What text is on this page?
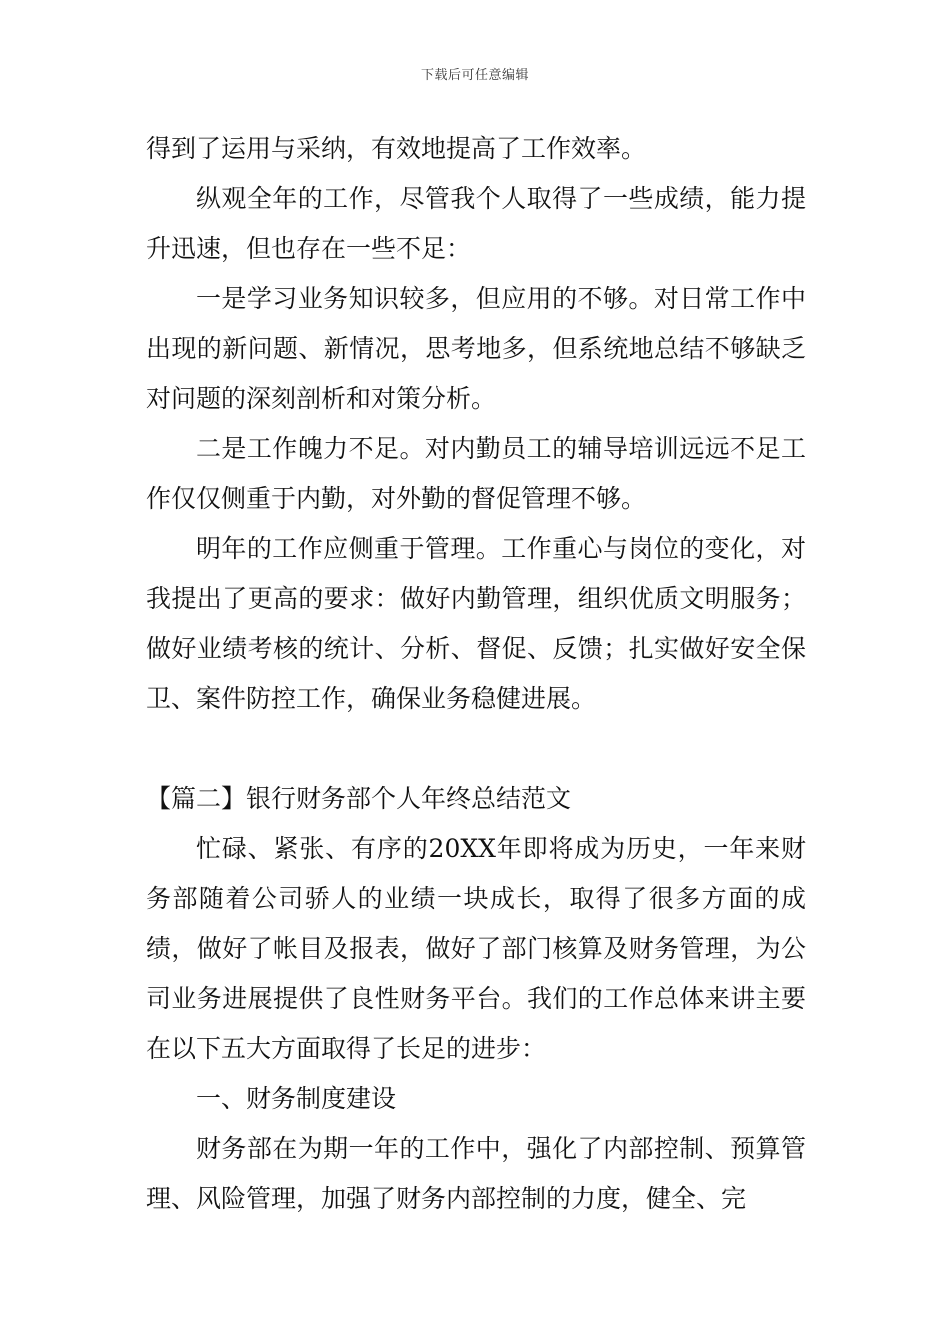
下载后可任意编辑

得到了运用与采纳，有效地提高了工作效率。

纵观全年的工作，尽管我个人取得了一些成绩，能力提升迅速，但也存在一些不足：

一是学习业务知识较多，但应用的不够。对日常工作中出现的新问题、新情况，思考地多，但系统地总结不够缺乏对问题的深刻剖析和对策分析。

二是工作魄力不足。对内勤员工的辅导培训远远不足工作仅仅侧重于内勤，对外勤的督促管理不够。

明年的工作应侧重于管理。工作重心与岗位的变化，对我提出了更高的要求：做好内勤管理，组织优质文明服务；做好业绩考核的统计、分析、督促、反馈；扎实做好安全保卫、案件防控工作，确保业务稳健进展。

【篇二】银行财务部个人年终总结范文

忙碌、紧张、有序的20XX年即将成为历史，一年来财务部随着公司骄人的业绩一块成长，取得了很多方面的成绩，做好了帐目及报表，做好了部门核算及财务管理，为公司业务进展提供了良性财务平台。我们的工作总体来讲主要在以下五大方面取得了长足的进步：

一、财务制度建设

财务部在为期一年的工作中，强化了内部控制、预算管理、风险管理，加强了财务内部控制的力度，健全、完
